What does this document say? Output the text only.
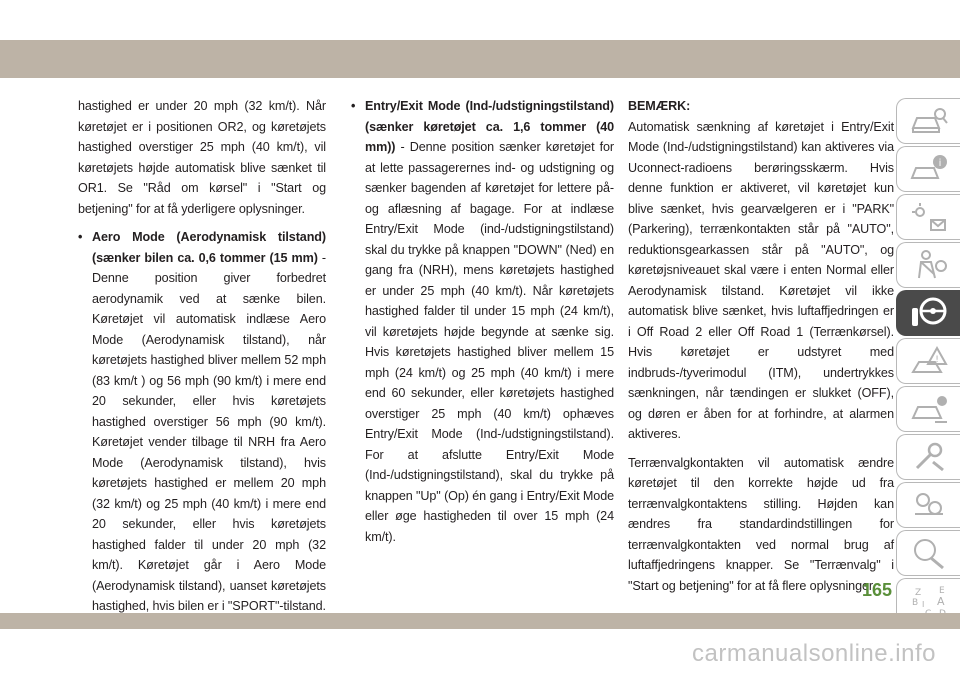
hastighed er under 20 mph (32 km/t). Når køretøjet er i positionen OR2, og køretøjets hastighed overstiger 25 mph (40 km/t), vil køretøjets højde automatisk blive sænket til OR1. Se "Råd om kørsel" i "Start og betjening" for at få yderligere oplysninger.

• Aero Mode (Aerodynamisk tilstand) (sænker bilen ca. 0,6 tommer (15 mm) - Denne position giver forbedret aerodynamik ved at sænke bilen. Køretøjet vil automatisk indlæse Aero Mode (Aerodynamisk tilstand), når køretøjets hastighed bliver mellem 52 mph (83 km/t ) og 56 mph (90 km/t) i mere end 20 sekunder, eller hvis køretøjets hastighed overstiger 56 mph (90 km/t). Køretøjet vender tilbage til NRH fra Aero Mode (Aerodynamisk tilstand), hvis køretøjets hastighed er mellem 20 mph (32 km/t) og 25 mph (40 km/t) i mere end 20 sekunder, eller hvis køretøjets hastighed falder til under 20 mph (32 km/t). Køretøjet går i Aero Mode (Aerodynamisk tilstand), uanset køretøjets hastighed, hvis bilen er i "SPORT"-tilstand.

• Entry/Exit Mode (Ind-/udstigningstilstand) (sænker køretøjet ca. 1,6 tommer (40 mm)) - Denne position sænker køretøjet for at lette passagerernes ind- og udstigning og sænker bagenden af køretøjet for lettere på- og aflæsning af bagage. For at indlæse Entry/Exit Mode (ind-/udstigningstilstand) skal du trykke på knappen "DOWN" (Ned) en gang fra (NRH), mens køretøjets hastighed er under 25 mph (40 km/t). Når køretøjets hastighed falder til under 15 mph (24 km/t), vil køretøjets højde begynde at sænke sig. Hvis køretøjets hastighed bliver mellem 15 mph (24 km/t) og 25 mph (40 km/t) i mere end 60 sekunder, eller køretøjets hastighed overstiger 25 mph (40 km/t) ophæves Entry/Exit Mode (Ind-/udstigningstilstand). For at afslutte Entry/Exit Mode (Ind-/udstigningstilstand), skal du trykke på knappen "Up" (Op) én gang i Entry/Exit Mode eller øge hastigheden til over 15 mph (24 km/t).

BEMÆRK:

Automatisk sænkning af køretøjet i Entry/Exit Mode (Ind-/udstigningstilstand) kan aktiveres via Uconnect-radioens berøringsskærm. Hvis denne funktion er aktiveret, vil køretøjet kun blive sænket, hvis gearvælgeren er i "PARK" (Parkering), terrænkontakten står på "AUTO", reduktionsgearkassen står på "AUTO", og køretøjsniveauet skal være i enten Normal eller Aerodynamisk tilstand. Køretøjet vil ikke automatisk blive sænket, hvis luftaffjedringen er i Off Road 2 eller Off Road 1 (Terrænkørsel). Hvis køretøjet er udstyret med indbruds-/tyverimodul (ITM), undertrykkes sænkningen, når tændingen er slukket (OFF), og døren er åben for at forhindre, at alarmen aktiveres.

Terrænvalgkontakten vil automatisk ændre køretøjet til den korrekte højde ud fra terrænvalgkontaktens stilling. Højden kan ændres fra standardindstillingen for terrænvalgkontakten ved normal brug af luftaffjedringens knapper. Se "Terrænvalg" i "Start og betjening" for at få flere oplysninger.

i
!
Z E
B A
I
165
carmanualsonline.info
